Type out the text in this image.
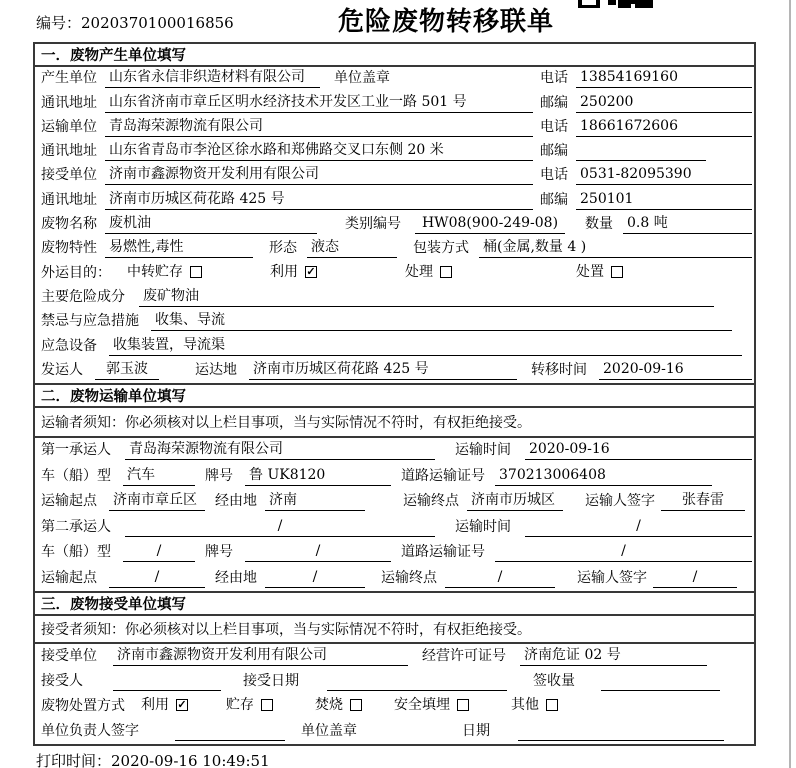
编号：2020370100016856	危险废物转移联单
一．废物产生单位填写
产生单位 山东省永信非织造材料有限公司	单位盖章	电话 13854169160
通讯地址 山东省济南市章丘区明水经济技术开发区工业一路 501 号	邮编 250200
运输单位 青岛海荣源物流有限公司	电话 18661672606
通讯地址 山东省青岛市李沧区徐水路和郑佛路交叉口东侧 20 米	邮编
接受单位 济南市鑫源物资开发利用有限公司	电话 0531-82095390
通讯地址 济南市历城区荷花路 425 号	邮编 250101
废物名称 废机油	类别编号	HW08(900-249-08)	数量 0.8 吨
废物特性 易燃性,毒性	形态 液态	包装方式 桶(金属,数量 4 )
外运目的： 中转贮存	利用 ✓	处理	处置
主要危险成分 废矿物油
禁忌与应急措施 收集、导流
应急设备 收集装置，导流渠
发运人	郭玉波	运达地 济南市历城区荷花路 425 号	转移时间 2020-09-16
二．废物运输单位填写
运输者须知：你必须核对以上栏目事项，当与实际情况不符时，有权拒绝接受。
第一承运人 青岛海荣源物流有限公司	运输时间 2020-09-16
车（船）型 汽车	牌号 鲁 UK8120	道路运输证号 370213006408
运输起点 济南市章丘区	经由地 济南	运输终点 济南市历城区	运输人签字	张春雷
第二承运人	/	运输时间	/
车（船）型	/	牌号	/	道路运输证号	/
运输起点	/	经由地	/	运输终点	/	运输人签字	/
三．废物接受单位填写
接受者须知：你必须核对以上栏目事项，当与实际情况不符时，有权拒绝接受。
接受单位 济南市鑫源物资开发利用有限公司	经营许可证号 济南危证 02 号
接受人	接受日期	签收量
废物处置方式 利用 ✓	贮存	焚烧	安全填埋	其他
单位负责人签字	单位盖章	日期
打印时间：2020-09-16 10:49:51
